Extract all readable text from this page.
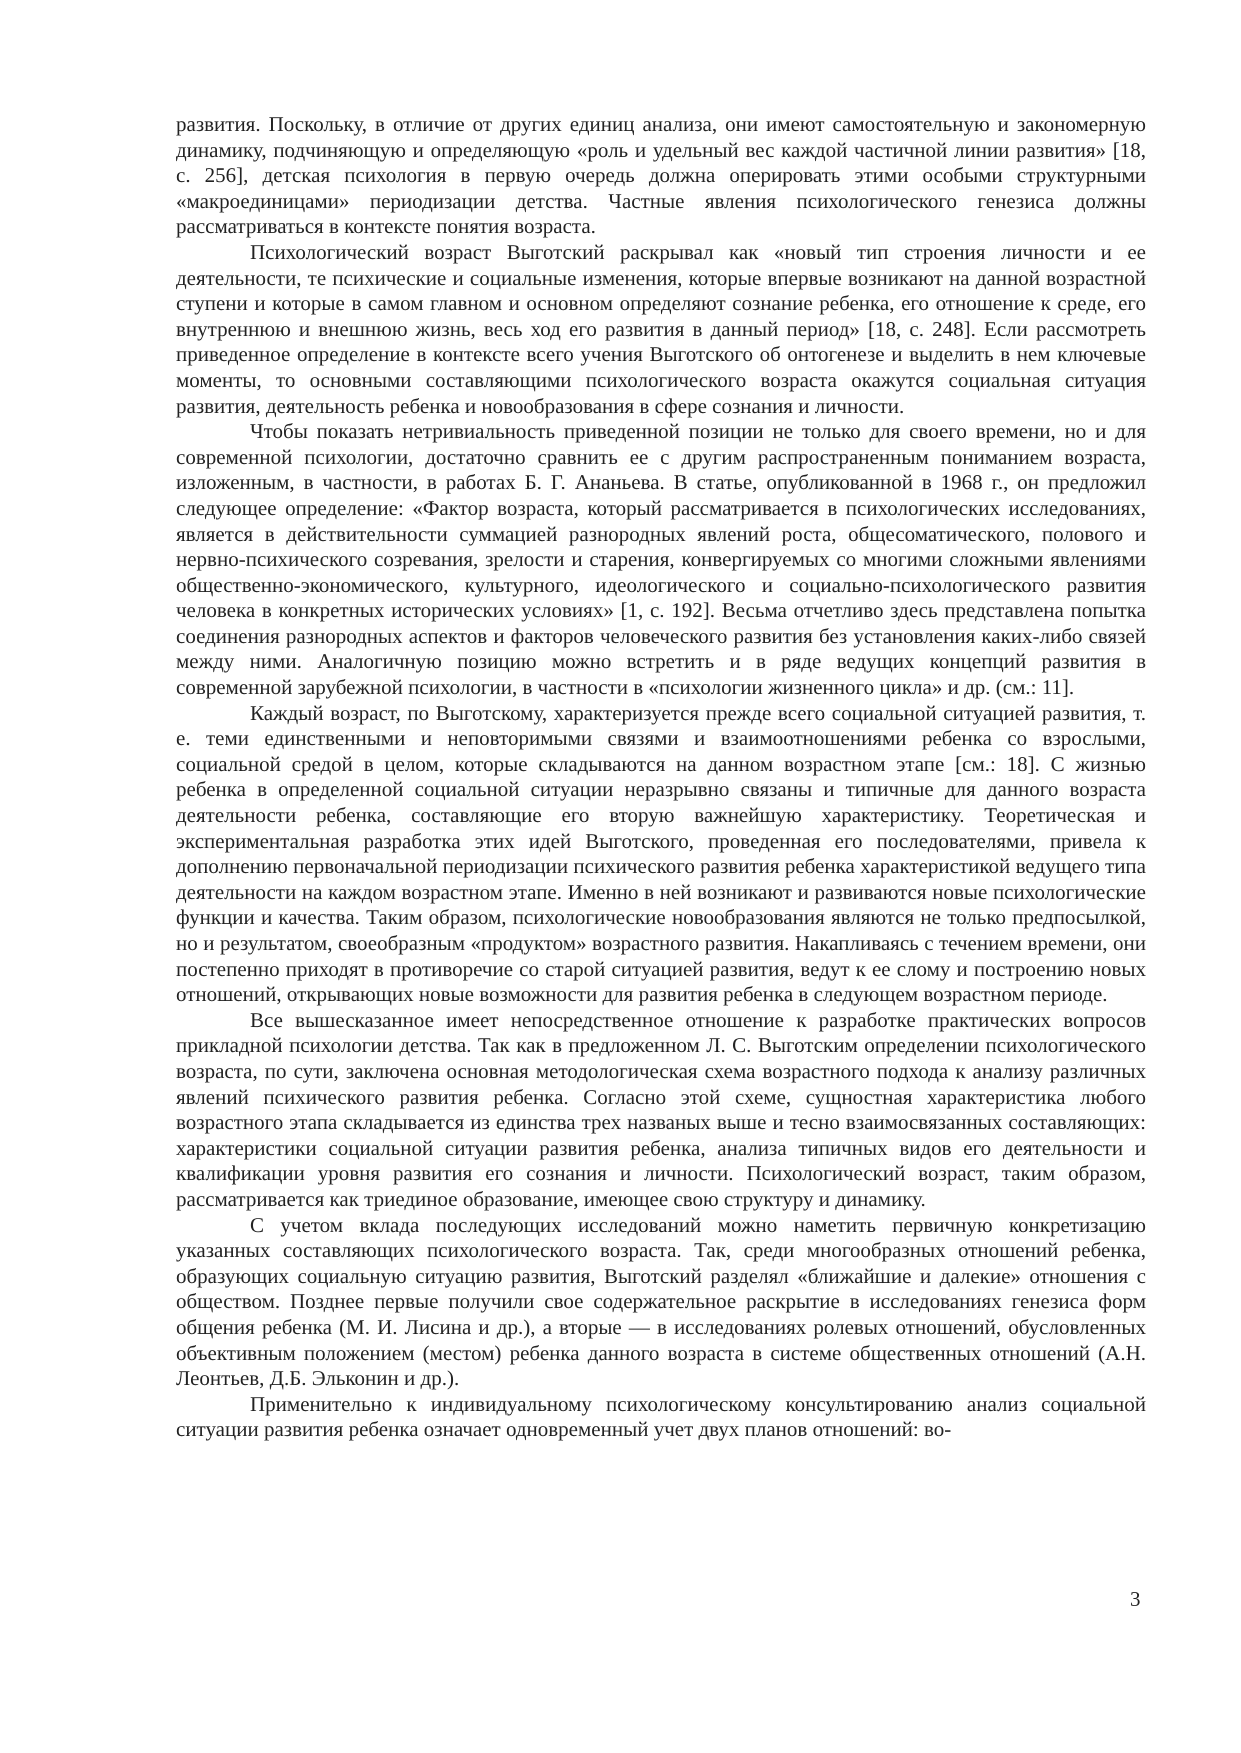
развития. Поскольку, в отличие от других единиц анализа, они имеют самостоятельную и закономерную динамику, подчиняющую и определяющую «роль и удельный вес каждой частичной линии развития» [18, с. 256], детская психология в первую очередь должна оперировать этими особыми структурными «макроединицами» периодизации детства. Частные явления психологического генезиса должны рассматриваться в контексте понятия возраста.

Психологический возраст Выготский раскрывал как «новый тип строения личности и ее деятельности, те психические и социальные изменения, которые впервые возникают на данной возрастной ступени и которые в самом главном и основном определяют сознание ребенка, его отношение к среде, его внутреннюю и внешнюю жизнь, весь ход его развития в данный период» [18, с. 248]. Если рассмотреть приведенное определение в контексте всего учения Выготского об онтогенезе и выделить в нем ключевые моменты, то основными составляющими психологического возраста окажутся социальная ситуация развития, деятельность ребенка и новообразования в сфере сознания и личности.

Чтобы показать нетривиальность приведенной позиции не только для своего времени, но и для современной психологии, достаточно сравнить ее с другим распространенным пониманием возраста, изложенным, в частности, в работах Б. Г. Ананьева. В статье, опубликованной в 1968 г., он предложил следующее определение: «Фактор возраста, который рассматривается в психологических исследованиях, является в действительности суммацией разнородных явлений роста, общесоматического, полового и нервно-психического созревания, зрелости и старения, конвергируемых со многими сложными явлениями общественно-экономического, культурного, идеологического и социально-психологического развития человека в конкретных исторических условиях» [1, с. 192]. Весьма отчетливо здесь представлена попытка соединения разнородных аспектов и факторов человеческого развития без установления каких-либо связей между ними. Аналогичную позицию можно встретить и в ряде ведущих концепций развития в современной зарубежной психологии, в частности в «психологии жизненного цикла» и др. (см.: 11].

Каждый возраст, по Выготскому, характеризуется прежде всего социальной ситуацией развития, т. е. теми единственными и неповторимыми связями и взаимоотношениями ребенка со взрослыми, социальной средой в целом, которые складываются на данном возрастном этапе [см.: 18]. С жизнью ребенка в определенной социальной ситуации неразрывно связаны и типичные для данного возраста деятельности ребенка, составляющие его вторую важнейшую характеристику. Теоретическая и экспериментальная разработка этих идей Выготского, проведенная его последователями, привела к дополнению первоначальной периодизации психического развития ребенка характеристикой ведущего типа деятельности на каждом возрастном этапе. Именно в ней возникают и развиваются новые психологические функции и качества. Таким образом, психологические новообразования являются не только предпосылкой, но и результатом, своеобразным «продуктом» возрастного развития. Накапливаясь с течением времени, они постепенно приходят в противоречие со старой ситуацией развития, ведут к ее слому и построению новых отношений, открывающих новые возможности для развития ребенка в следующем возрастном периоде.

Все вышесказанное имеет непосредственное отношение к разработке практических вопросов прикладной психологии детства. Так как в предложенном Л. С. Выготским определении психологического возраста, по сути, заключена основная методологическая схема возрастного подхода к анализу различных явлений психического развития ребенка. Согласно этой схеме, сущностная характеристика любого возрастного этапа складывается из единства трех названых выше и тесно взаимосвязанных составляющих: характеристики социальной ситуации развития ребенка, анализа типичных видов его деятельности и квалификации уровня развития его сознания и личности. Психологический возраст, таким образом, рассматривается как триединое образование, имеющее свою структуру и динамику.

С учетом вклада последующих исследований можно наметить первичную конкретизацию указанных составляющих психологического возраста. Так, среди многообразных отношений ребенка, образующих социальную ситуацию развития, Выготский разделял «ближайшие и далекие» отношения с обществом. Позднее первые получили свое содержательное раскрытие в исследованиях генезиса форм общения ребенка (М. И. Лисина и др.), а вторые — в исследованиях ролевых отношений, обусловленных объективным положением (местом) ребенка данного возраста в системе общественных отношений (А.Н. Леонтьев, Д.Б. Эльконин и др.).

Применительно к индивидуальному психологическому консультированию анализ социальной ситуации развития ребенка означает одновременный учет двух планов отношений: во-

3
